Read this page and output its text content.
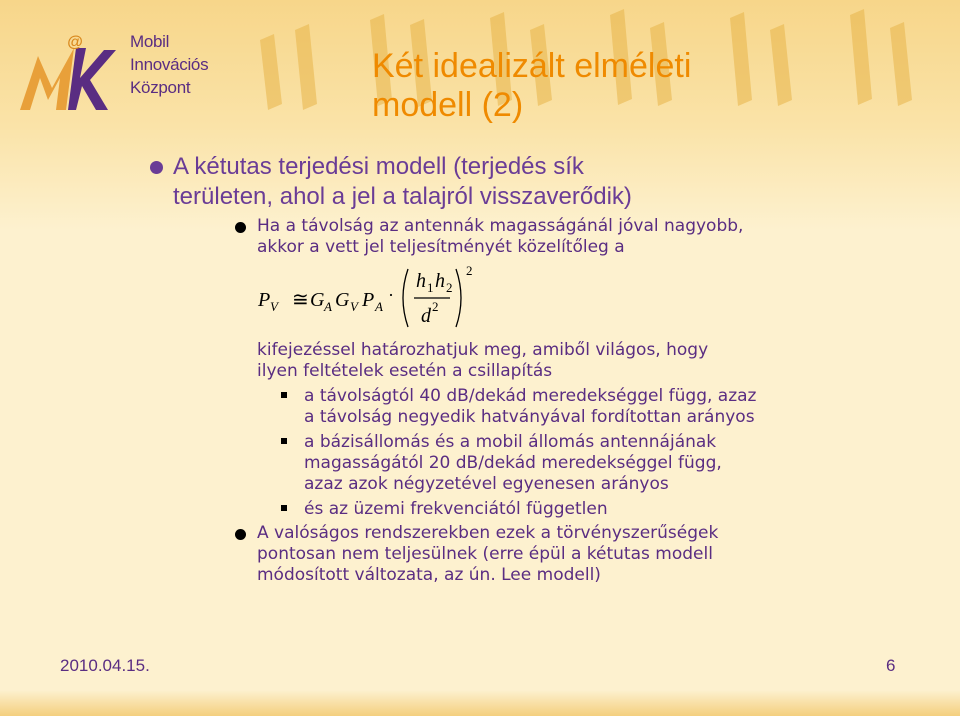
@	Mobil
Innovációs
Központ
Két idealizált elméleti
modell (2)
A kétutas terjedési modell (terjedés sík
területen, ahol a jel a talajról visszaverődik)
Ha a távolság az antennák magasságánál jóval nagyobb,
akkor a vett jel teljesítményét közelítőleg a
P V ≅ G A G V P A
·
h 1 h 2
d 2
2
kifejezéssel határozhatjuk meg, amiből világos, hogy
ilyen feltételek esetén a csillapítás
a távolságtól 40 dB/dekád meredekséggel függ, azaz
a távolság negyedik hatványával fordítottan arányos
a bázisállomás és a mobil állomás antennájának
magasságától 20 dB/dekád meredekséggel függ,
azaz azok négyzetével egyenesen arányos
és az üzemi frekvenciától független
A valóságos rendszerekben ezek a törvényszerűségek
pontosan nem teljesülnek (erre épül a kétutas modell
módosított változata, az ún. Lee modell)
2010.04.15.	6
